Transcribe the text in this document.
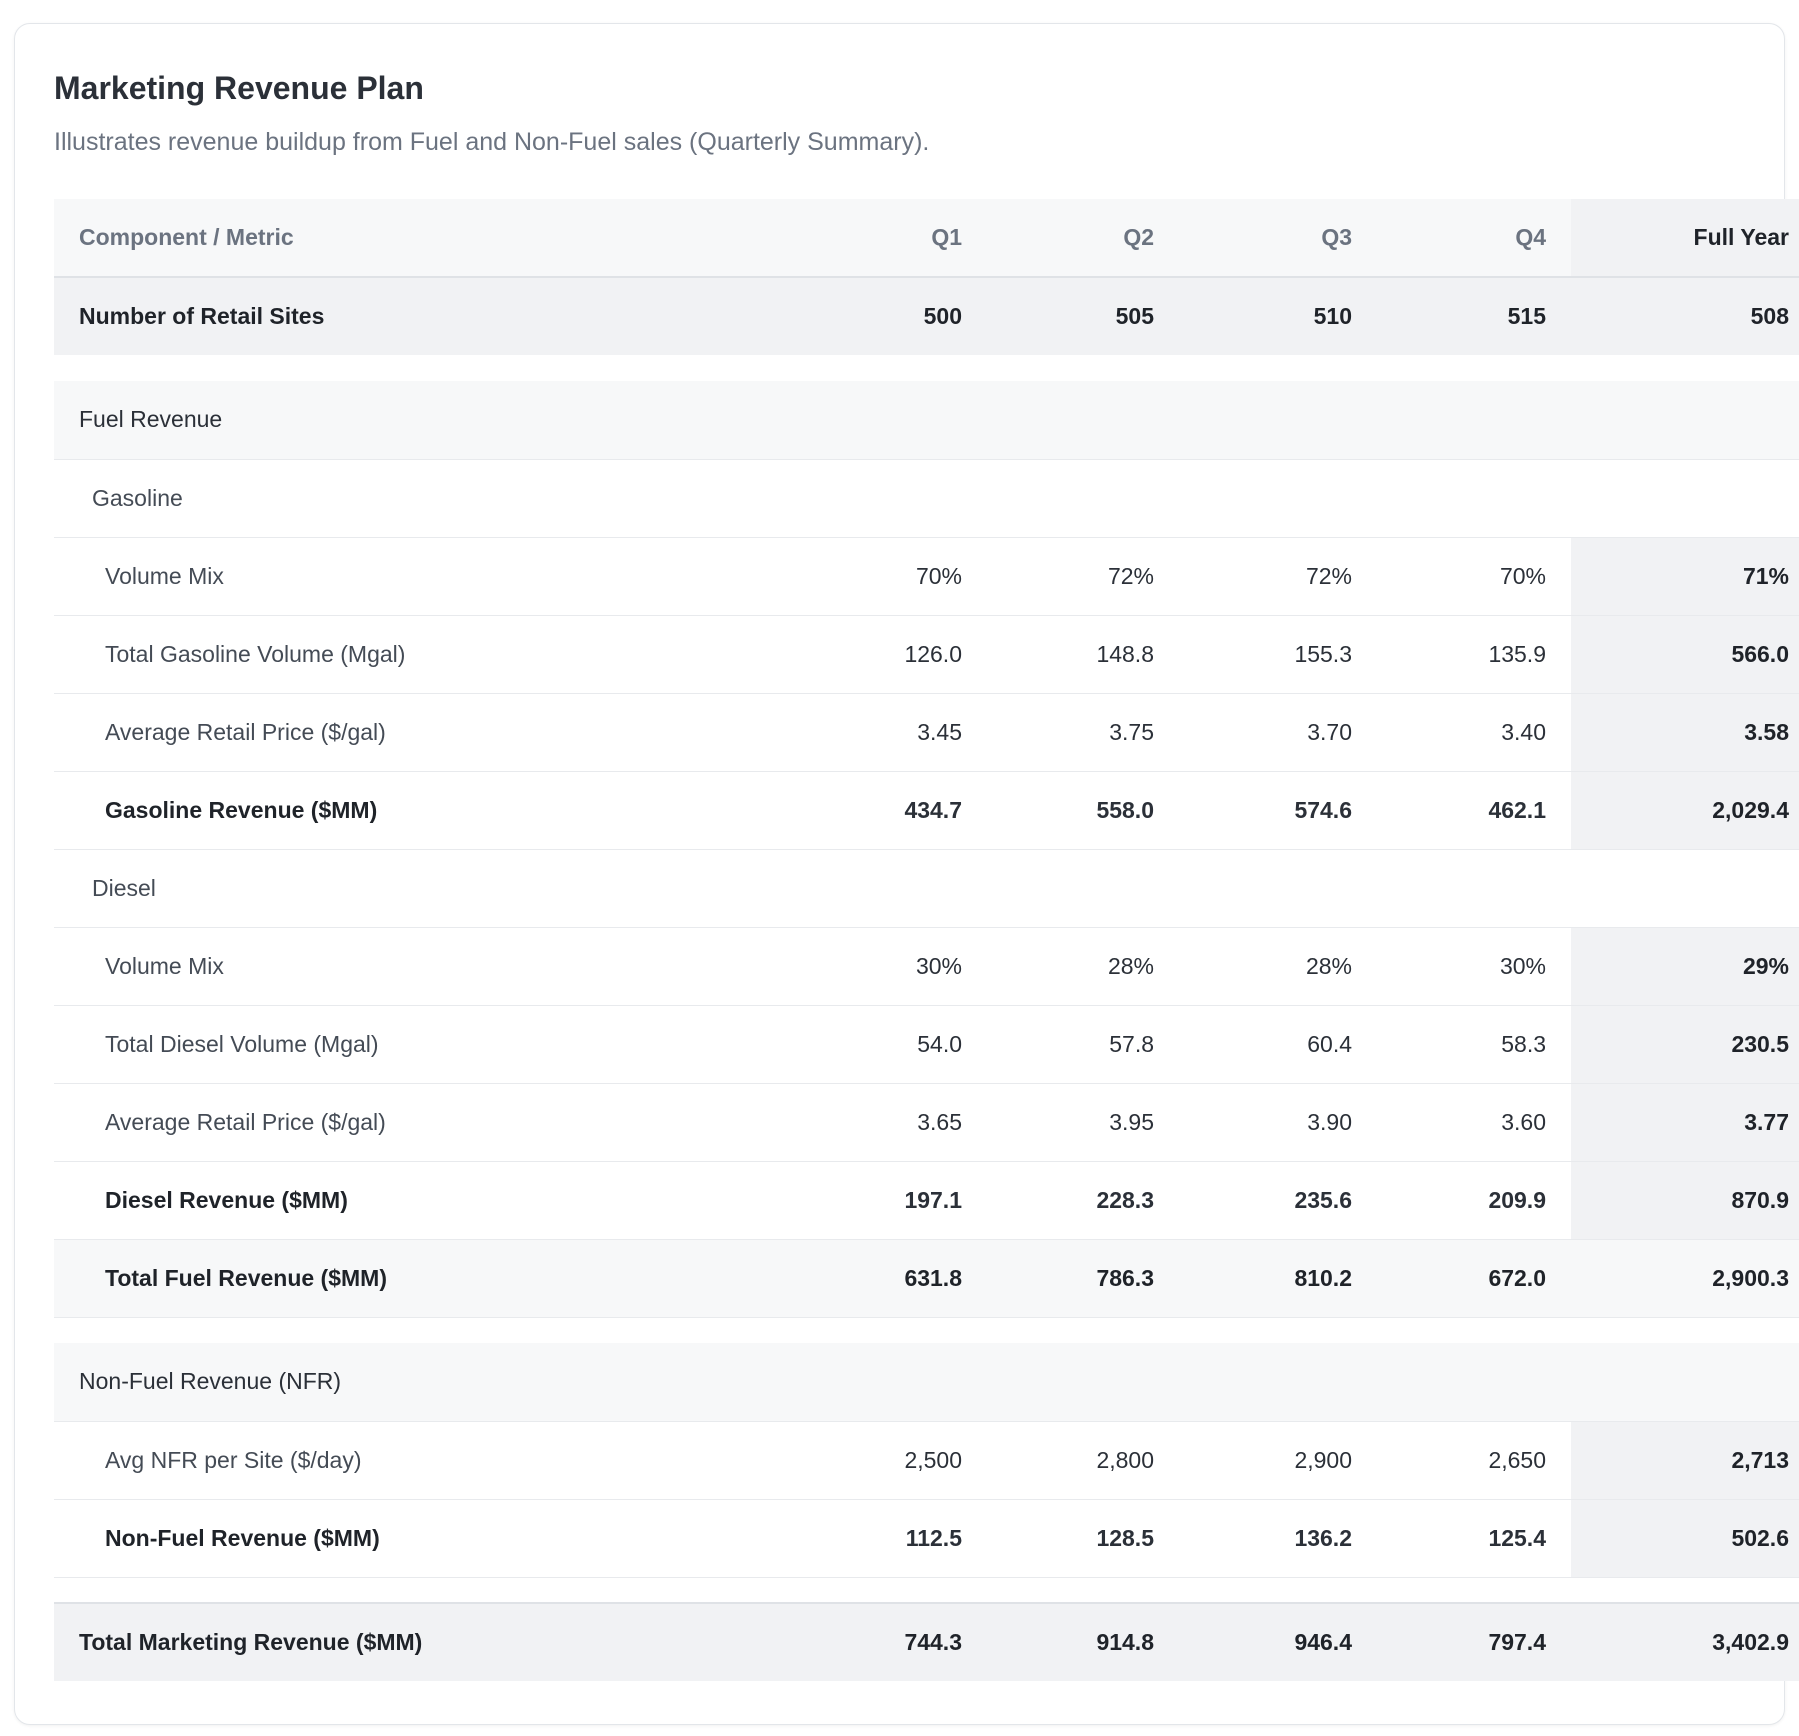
Marketing Revenue Plan
Illustrates revenue buildup from Fuel and Non-Fuel sales (Quarterly Summary).
Component / Metric	Q1	Q2	Q3	Q4	Full Year
Number of Retail Sites	500	505	510	515	508

Fuel Revenue					
Gasoline					
Volume Mix	70%	72%	72%	70%	71%
Total Gasoline Volume (Mgal)	126.0	148.8	155.3	135.9	566.0
Average Retail Price ($/gal)	3.45	3.75	3.70	3.40	3.58
Gasoline Revenue ($MM)	434.7	558.0	574.6	462.1	2,029.4
Diesel					
Volume Mix	30%	28%	28%	30%	29%
Total Diesel Volume (Mgal)	54.0	57.8	60.4	58.3	230.5
Average Retail Price ($/gal)	3.65	3.95	3.90	3.60	3.77
Diesel Revenue ($MM)	197.1	228.3	235.6	209.9	870.9
Total Fuel Revenue ($MM)	631.8	786.3	810.2	672.0	2,900.3

Non-Fuel Revenue (NFR)					
Avg NFR per Site ($/day)	2,500	2,800	2,900	2,650	2,713
Non-Fuel Revenue ($MM)	112.5	128.5	136.2	125.4	502.6

Total Marketing Revenue ($MM)	744.3	914.8	946.4	797.4	3,402.9
